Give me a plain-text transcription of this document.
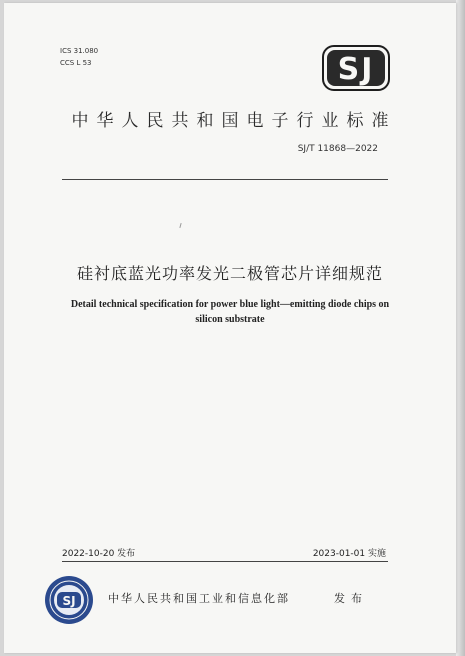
ICS 31.080
CCS L 53	SJ
中华人民共和国电子行业标准
SJ/T 11868—2022
硅衬底蓝光功率发光二极管芯片详细规范
Detail technical specification for power blue light—emitting diode chips on
silicon substrate
2022-10-20 发布	2023-01-01 实施
SJ	中华人民共和国工业和信息化部	发布
